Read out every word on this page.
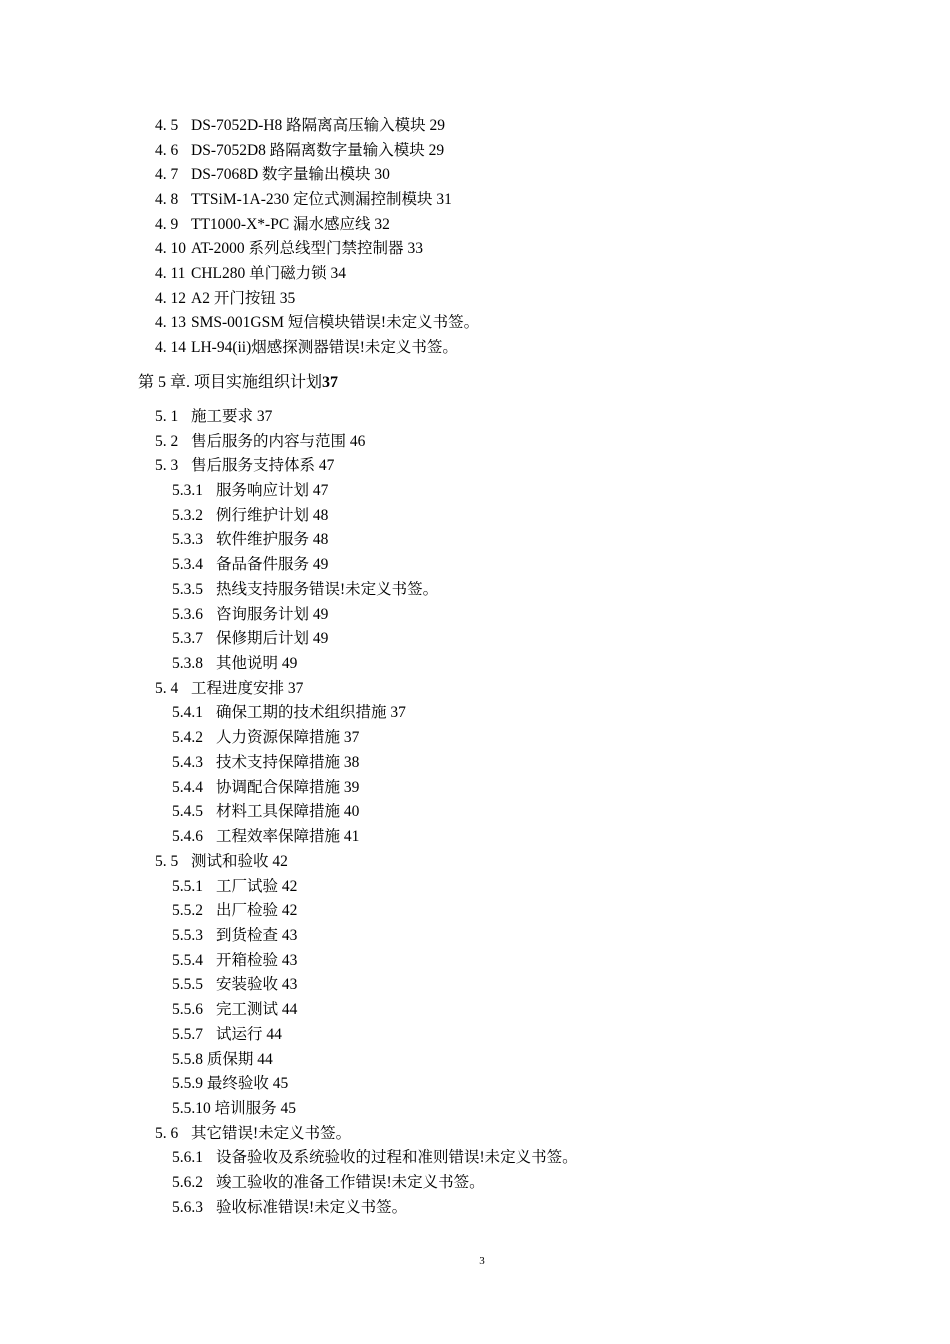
4. 5 DS-7052D-H8 路隔离高压输入模块 29
4. 6 DS-7052D8 路隔离数字量输入模块 29
4. 7 DS-7068D 数字量输出模块 30
4. 8 TTSiM-1A-230 定位式测漏控制模块 31
4. 9 TT1000-X*-PC 漏水感应线 32
4. 10 AT-2000 系列总线型门禁控制器 33
4. 11 CHL280 单门磁力锁 34
4. 12 A2 开门按钮 35
4. 13 SMS-001GSM 短信模块错误!未定义书签。
4. 14 LH-94(ii)烟感探测器错误!未定义书签。
第 5 章. 项目实施组织计划37
5. 1 施工要求 37
5. 2 售后服务的内容与范围 46
5. 3 售后服务支持体系 47
5.3.1 服务响应计划 47
5.3.2 例行维护计划 48
5.3.3 软件维护服务 48
5.3.4 备品备件服务 49
5.3.5 热线支持服务错误!未定义书签。
5.3.6 咨询服务计划 49
5.3.7 保修期后计划 49
5.3.8 其他说明 49
5. 4 工程进度安排 37
5.4.1 确保工期的技术组织措施 37
5.4.2 人力资源保障措施 37
5.4.3 技术支持保障措施 38
5.4.4 协调配合保障措施 39
5.4.5 材料工具保障措施 40
5.4.6 工程效率保障措施 41
5. 5 测试和验收 42
5.5.1 工厂试验 42
5.5.2 出厂检验 42
5.5.3 到货检查 43
5.5.4 开箱检验 43
5.5.5 安装验收 43
5.5.6 完工测试 44
5.5.7 试运行 44
5.5.8 质保期 44
5.5.9 最终验收 45
5.5.10 培训服务 45
5. 6 其它错误!未定义书签。
5.6.1 设备验收及系统验收的过程和准则错误!未定义书签。
5.6.2 竣工验收的准备工作错误!未定义书签。
5.6.3 验收标准错误!未定义书签。
3
